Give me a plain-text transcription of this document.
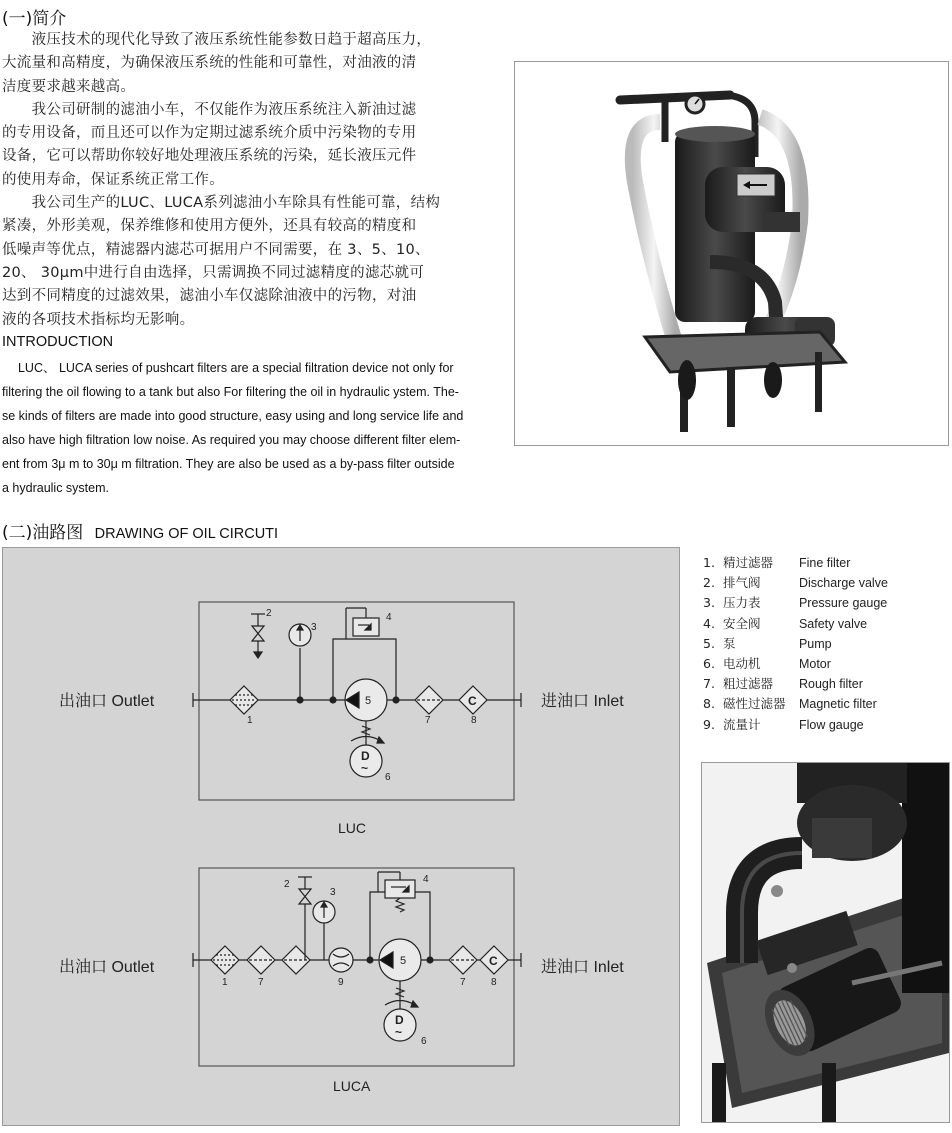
(一)简介
　　液压技术的现代化导致了液压系统性能参数日趋于超高压力，
大流量和高精度，为确保液压系统的性能和可靠性，对油液的清
洁度要求越来越高。
　　我公司研制的滤油小车，不仅能作为液压系统注入新油过滤
的专用设备，而且还可以作为定期过滤系统介质中污染物的专用
设备，它可以帮助你较好地处理液压系统的污染，延长液压元件
的使用寿命，保证系统正常工作。
　　我公司生产的LUC、LUCA系列滤油小车除具有性能可靠，结构
紧凑，外形美观，保养维修和使用方便外，还具有较高的精度和
低噪声等优点，精滤器内滤芯可据用户不同需要，在 3、5、10、
20、 30μm中进行自由选择，只需调换不同过滤精度的滤芯就可
达到不同精度的过滤效果，滤油小车仅滤除油液中的污物，对油
液的各项技术指标均无影响。
INTRODUCTION
　 LUC、 LUCA series of pushcart filters are a special filtration device not only for
filtering the oil flowing to a tank but also For filtering the oil in hydraulic ystem. The-
se kinds of filters are made into good structure, easy using and long service life and
also have high filtration low noise. As required you may choose different filter elem-
ent from 3μ m to 30μ m filtration. They are also be used as a by-pass filter outside
a hydraulic system.
(二)油路图 DRAWING OF OIL CIRCUTI
出油口 Outlet	进油口 Inlet
1
2
3
4
5
D
~
6
7
C
8
LUC
出油口 Outlet	进油口 Inlet
1	7
2
3
9
4
5
D
~
6
7
C
8
LUCA
1. 精过滤器 Fine filter
2. 排气阀	Discharge valve
3. 压力表	Pressure gauge
4. 安全阀	Safety valve
5. 泵	Pump
6. 电动机	Motor
7. 粗过滤器 Rough filter
8. 磁性过滤器 Magnetic filter
9. 流量计	Flow gauge
